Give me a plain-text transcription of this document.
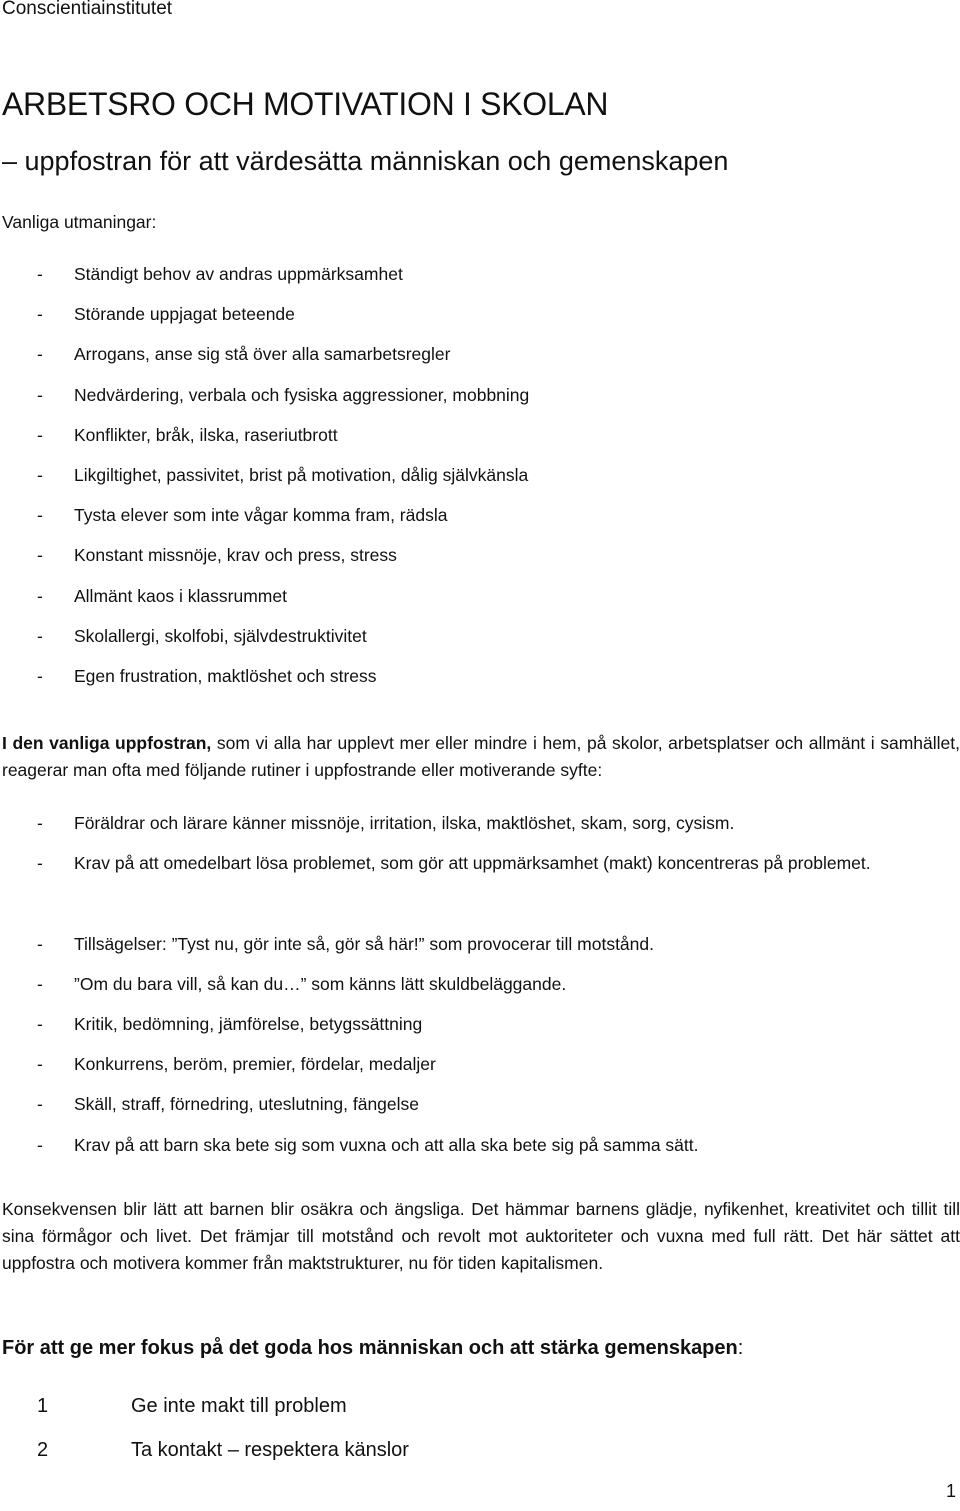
Conscientiainstitutet
ARBETSRO OCH MOTIVATION I SKOLAN
– uppfostran för att värdesätta människan och gemenskapen
Vanliga utmaningar:
- Ständigt behov av andras uppmärksamhet
- Störande uppjagat beteende
- Arrogans, anse sig stå över alla samarbetsregler
- Nedvärdering, verbala och fysiska aggressioner, mobbning
- Konflikter, bråk, ilska, raseriutbrott
- Likgiltighet, passivitet, brist på motivation, dålig självkänsla
- Tysta elever som inte vågar komma fram, rädsla
- Konstant missnöje, krav och press, stress
- Allmänt kaos i klassrummet
- Skolallergi, skolfobi, självdestruktivitet
- Egen frustration, maktlöshet och stress

I den vanliga uppfostran, som vi alla har upplevt mer eller mindre i hem, på skolor, arbetsplatser och allmänt i samhället, reagerar man ofta med följande rutiner i uppfostrande eller motiverande syfte:

- Föräldrar och lärare känner missnöje, irritation, ilska, maktlöshet, skam, sorg, cysism.
- Krav på att omedelbart lösa problemet, som gör att uppmärksamhet (makt) koncentreras på problemet.
- Tillsägelser: ”Tyst nu, gör inte så, gör så här!” som provocerar till motstånd.
- ”Om du bara vill, så kan du…” som känns lätt skuldbeläggande.
- Kritik, bedömning, jämförelse, betygssättning
- Konkurrens, beröm, premier, fördelar, medaljer
- Skäll, straff, förnedring, uteslutning, fängelse
- Krav på att barn ska bete sig som vuxna och att alla ska bete sig på samma sätt.

Konsekvensen blir lätt att barnen blir osäkra och ängsliga. Det hämmar barnens glädje, nyfikenhet, kreativitet och tillit till sina förmågor och livet. Det främjar till motstånd och revolt mot auktoriteter och vuxna med full rätt. Det här sättet att uppfostra och motivera kommer från maktstrukturer, nu för tiden kapitalismen.

För att ge mer fokus på det goda hos människan och att stärka gemenskapen:
1	Ge inte makt till problem
2	Ta kontakt – respektera känslor
1
